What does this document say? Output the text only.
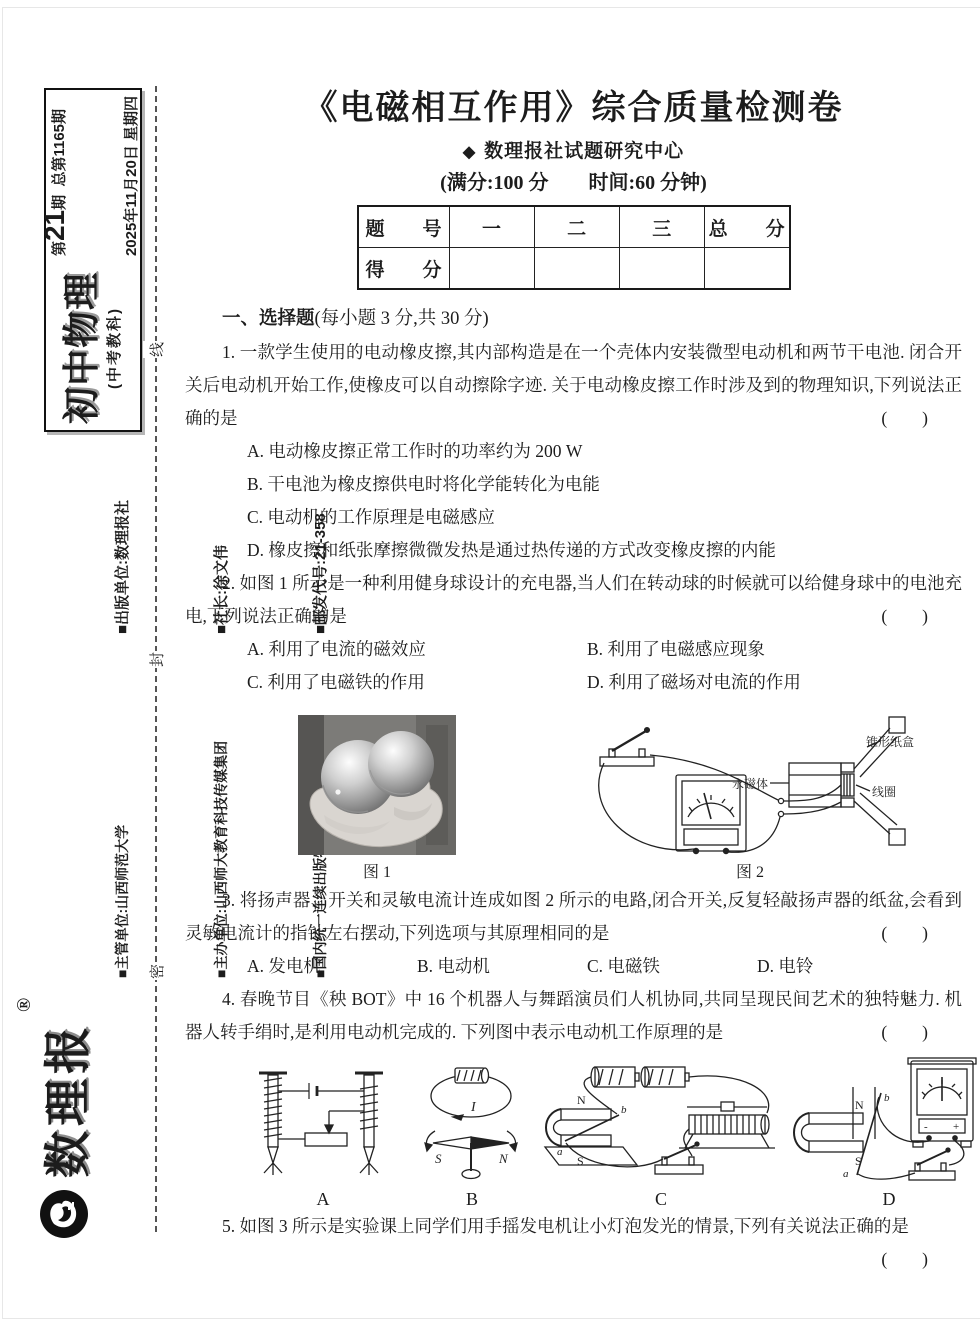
初中物理 (中考教科)

第21期  总第1165期

	2025年11月20日 星期四

■出版单位:数理报社

	■社长:徐文伟

	■邮发代号:21-358

■主管单位:山西师范大学

	■主办单位:山西师大教育科技传媒集团

	■国内统一连续出版物号:CN

线
封
密
数理报
®
《电磁相互作用》综合质量检测卷
◆ 数理报社试题研究中心
(满分:100 分　　时间:60 分钟)
题　　号	一	二	三	总　　分
得　　分				
一、选择题(每小题 3 分,共 30 分)

1. 一款学生使用的电动橡皮擦,其内部构造是在一个壳体内安装微型电动机和两节干电池. 闭合开关后电动机开始工作,使橡皮可以自动擦除字迹. 关于电动橡皮擦工作时涉及到的物理知识,下列说法正确的是	(　　)

A. 电动橡皮擦正常工作时的功率约为 200 W
B. 干电池为橡皮擦供电时将化学能转化为电能
C. 电动机的工作原理是电磁感应
D. 橡皮擦和纸张摩擦微微发热是通过热传递的方式改变橡皮擦的内能

2. 如图 1 所示是一种利用健身球设计的充电器,当人们在转动球的时候就可以给健身球中的电池充电,下列说法正确的是	(　　)

A. 利用了电流的磁效应	B. 利用了电磁感应现象
C. 利用了电磁铁的作用	D. 利用了磁场对电流的作用
图 1
永磁体
线圈
锥形纸盒
图 2

3. 将扬声器、开关和灵敏电流计连成如图 2 所示的电路,闭合开关,反复轻敲扬声器的纸盆,会看到灵敏电流计的指针左右摆动,下列选项与其原理相同的是	(　　)

A. 发电机	B. 电动机	C. 电磁铁	D. 电铃

4. 春晚节目《秧 BOT》中 16 个机器人与舞蹈演员们人机协同,共同呈现民间艺术的独特魅力. 机器人转手绢时,是利用电动机完成的. 下列图中表示电动机工作原理的是	(　　)

A
I
S	N
B
N
S
b
a
C
- +
N
S
b
a
D

5. 如图 3 所示是实验课上同学们用手摇发电机让小灯泡发光的情景,下列有关说法正确的是
(　　)
